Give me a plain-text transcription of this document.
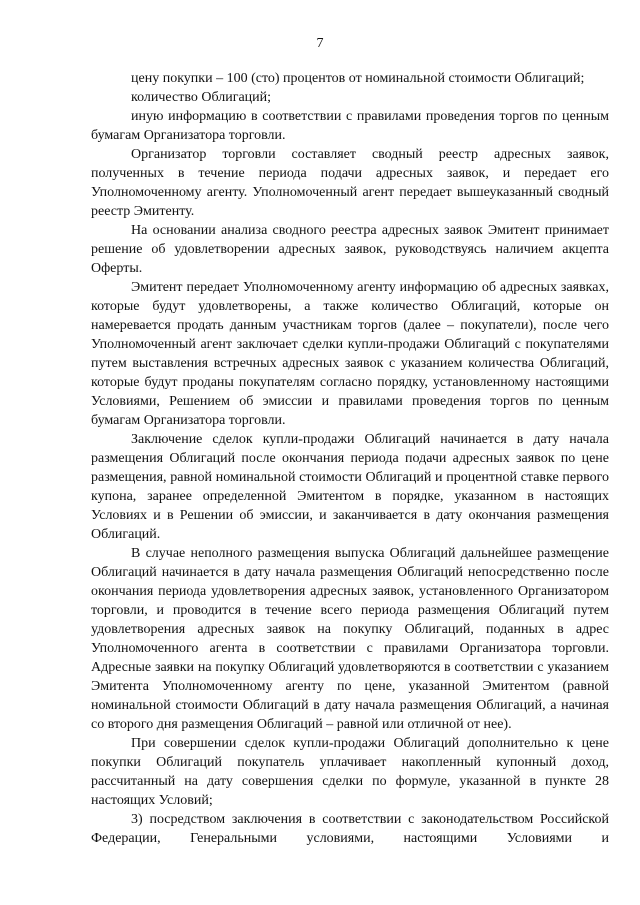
7

цену покупки – 100 (сто) процентов от номинальной стоимости Облигаций;

количество Облигаций;

иную информацию в соответствии с правилами проведения торгов по ценным бумагам Организатора торговли.

Организатор торговли составляет сводный реестр адресных заявок, полученных в течение периода подачи адресных заявок, и передает его Уполномоченному агенту. Уполномоченный агент передает вышеуказанный сводный реестр Эмитенту.

На основании анализа сводного реестра адресных заявок Эмитент принимает решение об удовлетворении адресных заявок, руководствуясь наличием акцепта Оферты.

Эмитент передает Уполномоченному агенту информацию об адресных заявках, которые будут удовлетворены, а также количество Облигаций, которые он намеревается продать данным участникам торгов (далее – покупатели), после чего Уполномоченный агент заключает сделки купли-продажи Облигаций с покупателями путем выставления встречных адресных заявок с указанием количества Облигаций, которые будут проданы покупателям согласно порядку, установленному настоящими Условиями, Решением об эмиссии и правилами проведения торгов по ценным бумагам Организатора торговли.

Заключение сделок купли-продажи Облигаций начинается в дату начала размещения Облигаций после окончания периода подачи адресных заявок по цене размещения, равной номинальной стоимости Облигаций и процентной ставке первого купона, заранее определенной Эмитентом в порядке, указанном в настоящих Условиях и в Решении об эмиссии, и заканчивается в дату окончания размещения Облигаций.

В случае неполного размещения выпуска Облигаций дальнейшее размещение Облигаций начинается в дату начала размещения Облигаций непосредственно после окончания периода удовлетворения адресных заявок, установленного Организатором торговли, и проводится в течение всего периода размещения Облигаций путем удовлетворения адресных заявок на покупку Облигаций, поданных в адрес Уполномоченного агента в соответствии с правилами Организатора торговли. Адресные заявки на покупку Облигаций удовлетворяются в соответствии с указанием Эмитента Уполномоченному агенту по цене, указанной Эмитентом (равной номинальной стоимости Облигаций в дату начала размещения Облигаций, а начиная со второго дня размещения Облигаций – равной или отличной от нее).

При совершении сделок купли-продажи Облигаций дополнительно к цене покупки Облигаций покупатель уплачивает накопленный купонный доход, рассчитанный на дату совершения сделки по формуле, указанной в пункте 28 настоящих Условий;

3) посредством заключения в соответствии с законодательством Российской Федерации, Генеральными условиями, настоящими Условиями и
